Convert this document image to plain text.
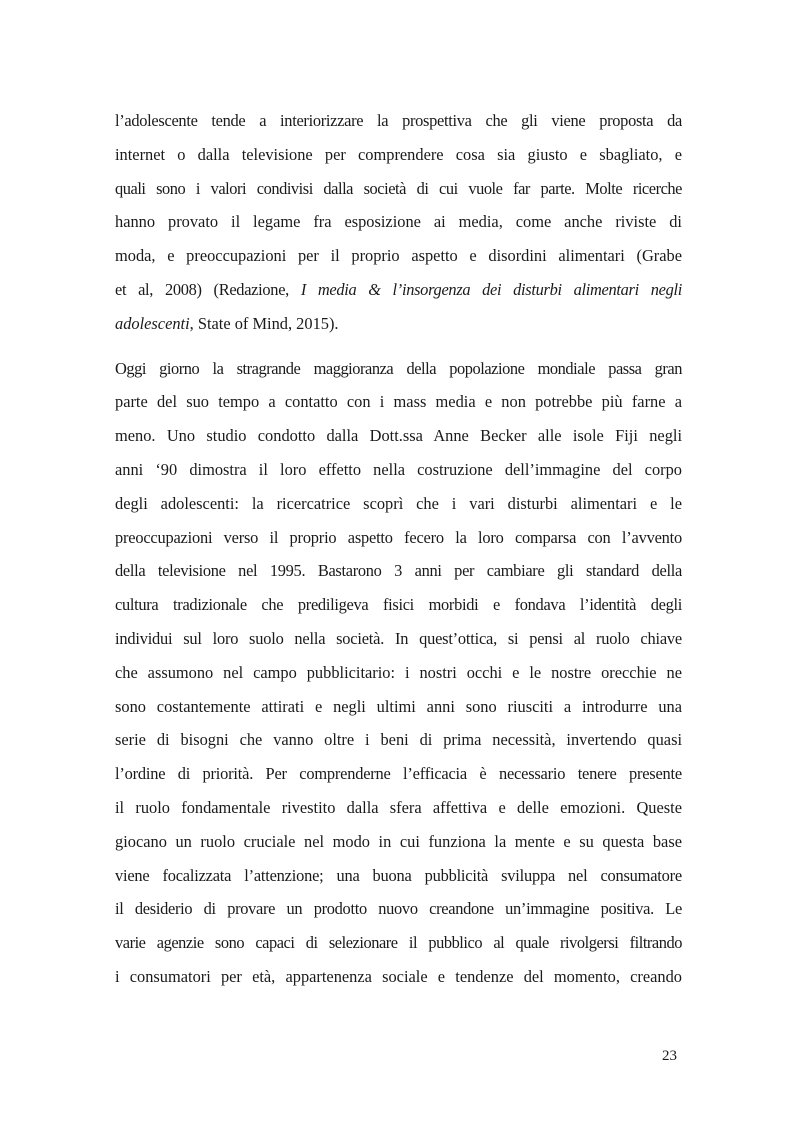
l’adolescente tende a interiorizzare la prospettiva che gli viene proposta da
internet o dalla televisione per comprendere cosa sia giusto e sbagliato, e
quali sono i valori condivisi dalla società di cui vuole far parte. Molte ricerche
hanno provato il legame fra esposizione ai media, come anche riviste di
moda, e preoccupazioni per il proprio aspetto e disordini alimentari (Grabe
et al, 2008) (Redazione, I media & l’insorgenza dei disturbi alimentari negli
adolescenti, State of Mind, 2015).

Oggi giorno la stragrande maggioranza della popolazione mondiale passa gran
parte del suo tempo a contatto con i mass media e non potrebbe più farne a
meno. Uno studio condotto dalla Dott.ssa Anne Becker alle isole Fiji negli
anni ‘90 dimostra il loro effetto nella costruzione dell’immagine del corpo
degli adolescenti: la ricercatrice scoprì che i vari disturbi alimentari e le
preoccupazioni verso il proprio aspetto fecero la loro comparsa con l’avvento
della televisione nel 1995. Bastarono 3 anni per cambiare gli standard della
cultura tradizionale che prediligeva fisici morbidi e fondava l’identità degli
individui sul loro suolo nella società. In quest’ottica, si pensi al ruolo chiave
che assumono nel campo pubblicitario: i nostri occhi e le nostre orecchie ne
sono costantemente attirati e negli ultimi anni sono riusciti a introdurre una
serie di bisogni che vanno oltre i beni di prima necessità, invertendo quasi
l’ordine di priorità. Per comprenderne l’efficacia è necessario tenere presente
il ruolo fondamentale rivestito dalla sfera affettiva e delle emozioni. Queste
giocano un ruolo cruciale nel modo in cui funziona la mente e su questa base
viene focalizzata l’attenzione; una buona pubblicità sviluppa nel consumatore
il desiderio di provare un prodotto nuovo creandone un’immagine positiva. Le
varie agenzie sono capaci di selezionare il pubblico al quale rivolgersi filtrando
i consumatori per età, appartenenza sociale e tendenze del momento, creando

23
